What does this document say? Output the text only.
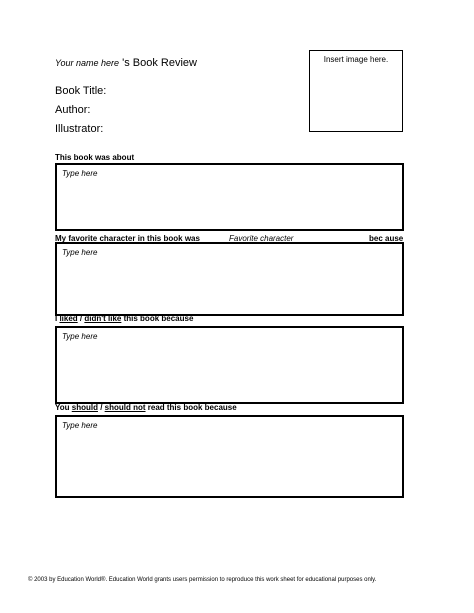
Your name here 's Book Review
Book Title:
Author:
Illustrator:
Insert image here.
This book was about
Type here
My favorite character in this book was	Favorite character	bec ause
Type here
I liked / didn't like this book because
Type here
You should / should not read this book because
Type here
© 2003 by Education World®. Education World grants users permission to reproduce this work sheet for educational purposes only.
